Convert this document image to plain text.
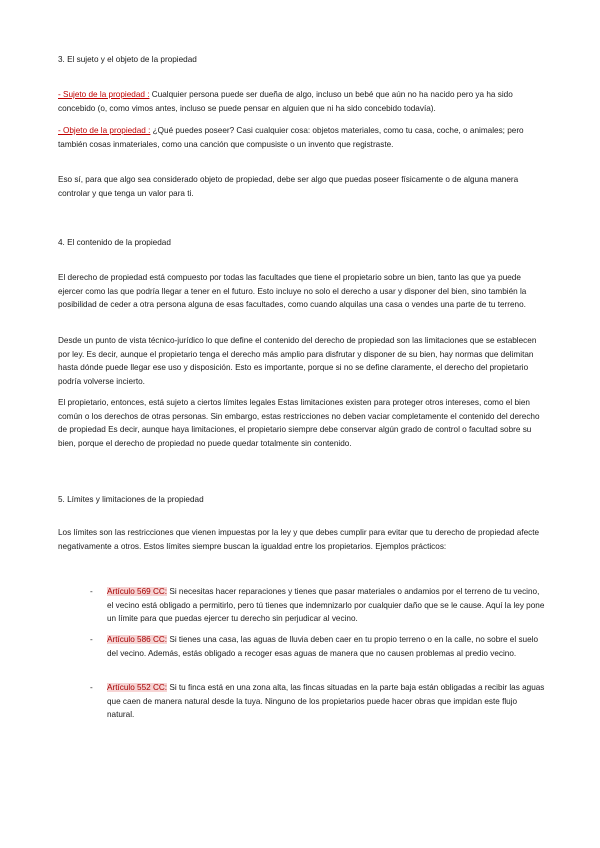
3. El sujeto y el objeto de la propiedad
- Sujeto de la propiedad : Cualquier persona puede ser dueña de algo, incluso un bebé que aún no ha nacido pero ya ha sido concebido (o, como vimos antes, incluso se puede pensar en alguien que ni ha sido concebido todavía).
- Objeto de la propiedad : ¿Qué puedes poseer? Casi cualquier cosa: objetos materiales, como tu casa, coche, o animales; pero también cosas inmateriales, como una canción que compusiste o un invento que registraste.
Eso sí, para que algo sea considerado objeto de propiedad, debe ser algo que puedas poseer físicamente o de alguna manera controlar y que tenga un valor para ti.
4. El contenido de la propiedad
El derecho de propiedad está compuesto por todas las facultades que tiene el propietario sobre un bien, tanto las que ya puede ejercer como las que podría llegar a tener en el futuro. Esto incluye no solo el derecho a usar y disponer del bien, sino también la posibilidad de ceder a otra persona alguna de esas facultades, como cuando alquilas una casa o vendes una parte de tu terreno.
Desde un punto de vista técnico-jurídico lo que define el contenido del derecho de propiedad son las limitaciones que se establecen por ley. Es decir, aunque el propietario tenga el derecho más amplio para disfrutar y disponer de su bien, hay normas que delimitan hasta dónde puede llegar ese uso y disposición. Esto es importante, porque si no se define claramente, el derecho del propietario podría volverse incierto.
El propietario, entonces, está sujeto a ciertos límites legales Estas limitaciones existen para proteger otros intereses, como el bien común o los derechos de otras personas. Sin embargo, estas restricciones no deben vaciar completamente el contenido del derecho de propiedad Es decir, aunque haya limitaciones, el propietario siempre debe conservar algún grado de control o facultad sobre su bien, porque el derecho de propiedad no puede quedar totalmente sin contenido.
5. Límites y limitaciones de la propiedad
Los límites son las restricciones que vienen impuestas por la ley y que debes cumplir para evitar que tu derecho de propiedad afecte negativamente a otros. Estos límites siempre buscan la igualdad entre los propietarios. Ejemplos prácticos:
- Artículo 569 CC: Si necesitas hacer reparaciones y tienes que pasar materiales o andamios por el terreno de tu vecino, el vecino está obligado a permitirlo, pero tú tienes que indemnizarlo por cualquier daño que se le cause. Aquí la ley pone un límite para que puedas ejercer tu derecho sin perjudicar al vecino.
- Artículo 586 CC: Si tienes una casa, las aguas de lluvia deben caer en tu propio terreno o en la calle, no sobre el suelo del vecino. Además, estás obligado a recoger esas aguas de manera que no causen problemas al predio vecino.
- Artículo 552 CC: Si tu finca está en una zona alta, las fincas situadas en la parte baja están obligadas a recibir las aguas que caen de manera natural desde la tuya. Ninguno de los propietarios puede hacer obras que impidan este flujo natural.
